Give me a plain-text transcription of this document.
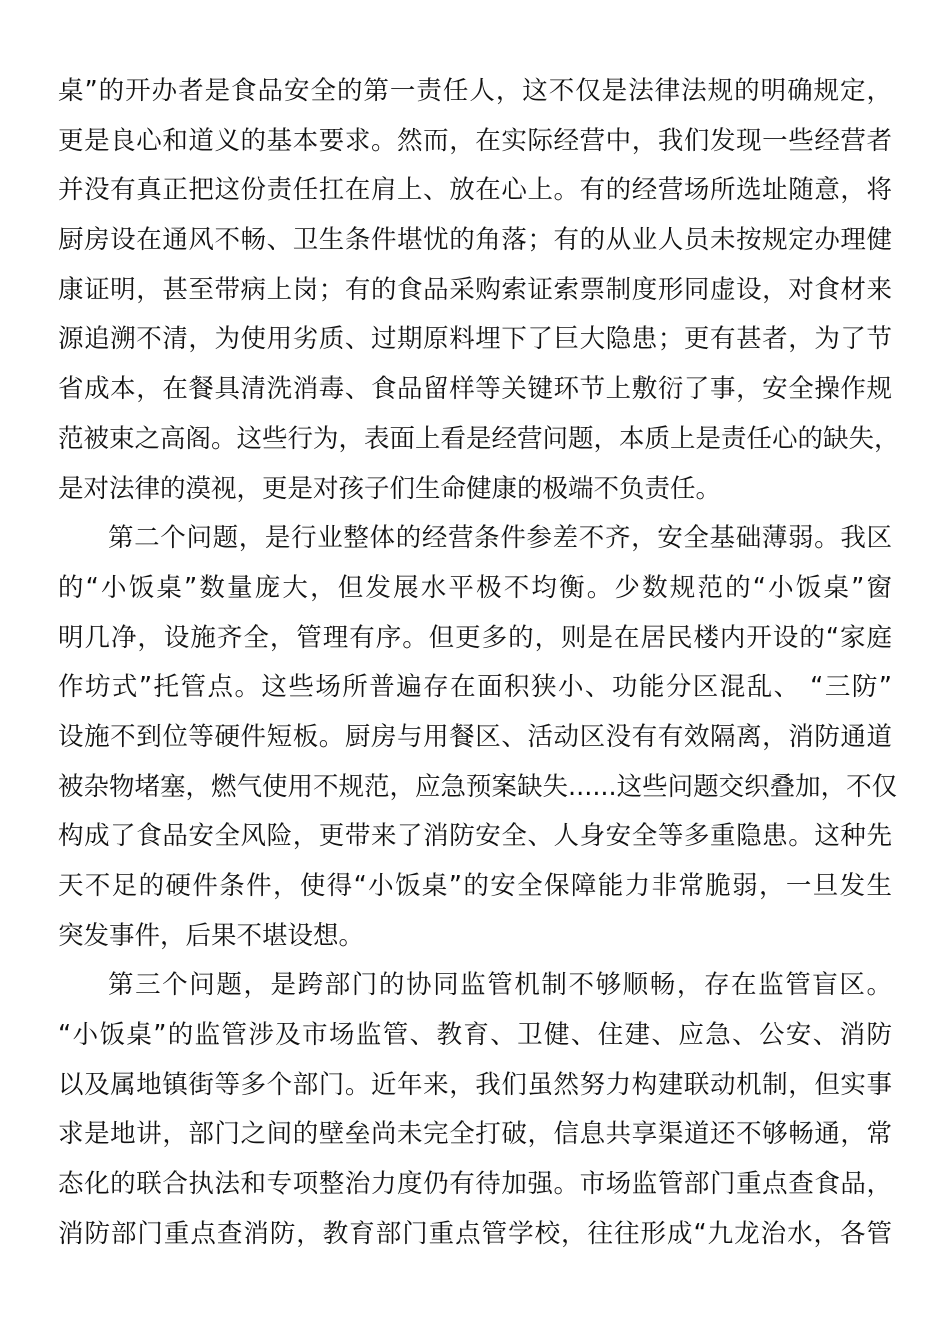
桌”的开办者是食品安全的第一责任人，这不仅是法律法规的明确规定，
更是良心和道义的基本要求。然而，在实际经营中，我们发现一些经营者
并没有真正把这份责任扛在肩上、放在心上。有的经营场所选址随意，将
厨房设在通风不畅、卫生条件堪忧的角落；有的从业人员未按规定办理健
康证明，甚至带病上岗；有的食品采购索证索票制度形同虚设，对食材来
源追溯不清，为使用劣质、过期原料埋下了巨大隐患；更有甚者，为了节
省成本，在餐具清洗消毒、食品留样等关键环节上敷衍了事，安全操作规
范被束之高阁。这些行为，表面上看是经营问题，本质上是责任心的缺失，
是对法律的漠视，更是对孩子们生命健康的极端不负责任。
第二个问题，是行业整体的经营条件参差不齐，安全基础薄弱。我区
的“小饭桌”数量庞大，但发展水平极不均衡。少数规范的“小饭桌”窗
明几净，设施齐全，管理有序。但更多的，则是在居民楼内开设的“家庭
作坊式”托管点。这些场所普遍存在面积狭小、功能分区混乱、 “三防”
设施不到位等硬件短板。厨房与用餐区、活动区没有有效隔离，消防通道
被杂物堵塞，燃气使用不规范，应急预案缺失......这些问题交织叠加，不仅
构成了食品安全风险，更带来了消防安全、人身安全等多重隐患。这种先
天不足的硬件条件，使得“小饭桌”的安全保障能力非常脆弱，一旦发生
突发事件，后果不堪设想。
第三个问题，是跨部门的协同监管机制不够顺畅，存在监管盲区。
“小饭桌”的监管涉及市场监管、教育、卫健、住建、应急、公安、消防
以及属地镇街等多个部门。近年来，我们虽然努力构建联动机制，但实事
求是地讲，部门之间的壁垒尚未完全打破，信息共享渠道还不够畅通，常
态化的联合执法和专项整治力度仍有待加强。市场监管部门重点查食品，
消防部门重点查消防，教育部门重点管学校，往往形成“九龙治水，各管
